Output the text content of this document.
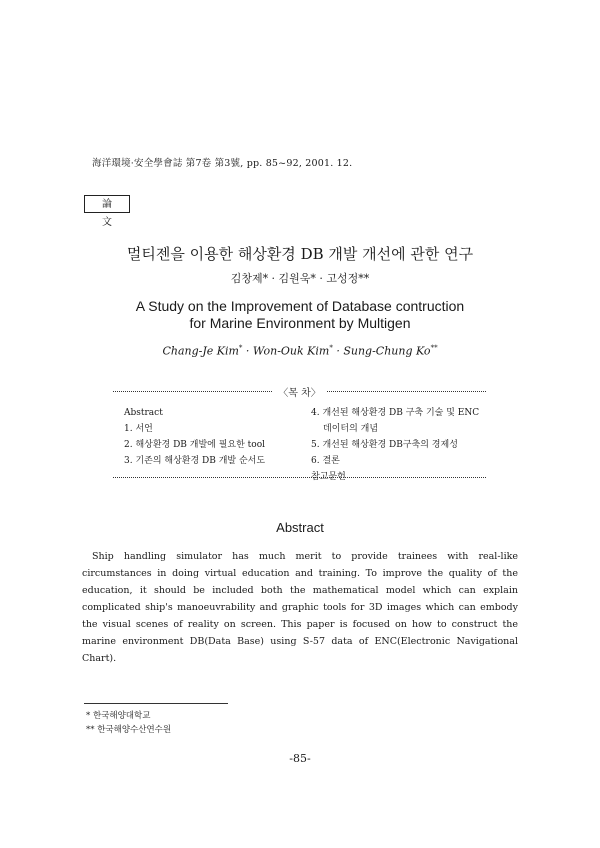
海洋環境·安全學會誌 第7卷 第3號, pp. 85~92, 2001. 12.
論 文
멀티젠을 이용한 해상환경 DB 개발 개선에 관한 연구
김창제* · 김원욱* · 고성정**
A Study on the Improvement of Database contruction
for Marine Environment by Multigen
Chang-Je Kim* · Won-Ouk Kim* · Sung-Chung Ko**
〈목 차〉
Abstract
1. 서언
2. 해상환경 DB 개발에 필요한 tool
3. 기존의 해상환경 DB 개발 순서도
4. 개선된 해상환경 DB 구축 기술 및 ENC
데이터의 개념
5. 개선된 해상환경 DB구축의 경제성
6. 결론
참고문헌
Abstract
Ship handling simulator has much merit to provide trainees with real-like circumstances in doing virtual education and training. To improve the quality of the education, it should be included both the mathematical model which can explain complicated ship's manoeuvrability and graphic tools for 3D images which can embody the visual scenes of reality on screen. This paper is focused on how to construct the marine environment DB(Data Base) using S-57 data of ENC(Electronic Navigational Chart).
* 한국해양대학교
** 한국해양수산연수원
-85-
